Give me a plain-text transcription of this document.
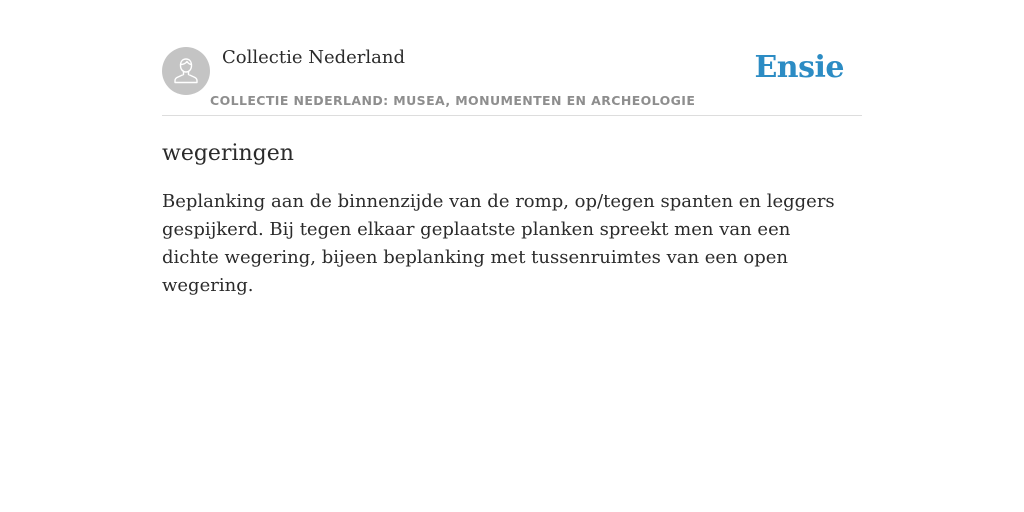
Collectie Nederland
COLLECTIE NEDERLAND: MUSEA, MONUMENTEN EN ARCHEOLOGIE
Ensie
wegeringen

Beplanking aan de binnenzijde van de romp, op/tegen spanten en leggers gespijkerd. Bij tegen elkaar geplaatste planken spreekt men van een dichte wegering, bijeen beplanking met tussenruimtes van een open wegering.
